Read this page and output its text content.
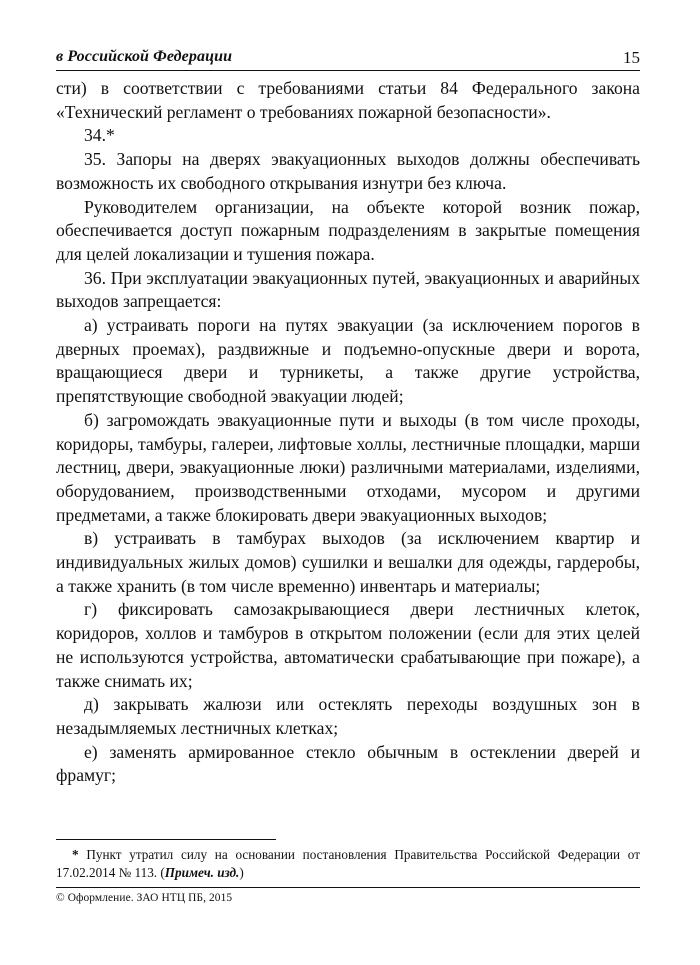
в Российской Федерации	15

сти) в соответствии с требованиями статьи 84 Федерального закона «Технический регламент о требованиях пожарной безопасности».

34.*

35. Запоры на дверях эвакуационных выходов должны обеспечивать возможность их свободного открывания изнутри без ключа.

Руководителем организации, на объекте которой возник пожар, обеспечивается доступ пожарным подразделениям в закрытые помещения для целей локализации и тушения пожара.

36. При эксплуатации эвакуационных путей, эвакуационных и аварийных выходов запрещается:

а) устраивать пороги на путях эвакуации (за исключением порогов в дверных проемах), раздвижные и подъемно-опускные двери и ворота, вращающиеся двери и турникеты, а также другие устройства, препятствующие свободной эвакуации людей;

б) загромождать эвакуационные пути и выходы (в том числе проходы, коридоры, тамбуры, галереи, лифтовые холлы, лестничные площадки, марши лестниц, двери, эвакуационные люки) различными материалами, изделиями, оборудованием, производственными отходами, мусором и другими предметами, а также блокировать двери эвакуационных выходов;

в) устраивать в тамбурах выходов (за исключением квартир и индивидуальных жилых домов) сушилки и вешалки для одежды, гардеробы, а также хранить (в том числе временно) инвентарь и материалы;

г) фиксировать самозакрывающиеся двери лестничных клеток, коридоров, холлов и тамбуров в открытом положении (если для этих целей не используются устройства, автоматически срабатывающие при пожаре), а также снимать их;

д) закрывать жалюзи или остеклять переходы воздушных зон в незадымляемых лестничных клетках;

е) заменять армированное стекло обычным в остеклении дверей и фрамуг;

* Пункт утратил силу на основании постановления Правительства Российской Федерации от 17.02.2014 № 113. (Примеч. изд.)

© Оформление. ЗАО НТЦ ПБ, 2015
